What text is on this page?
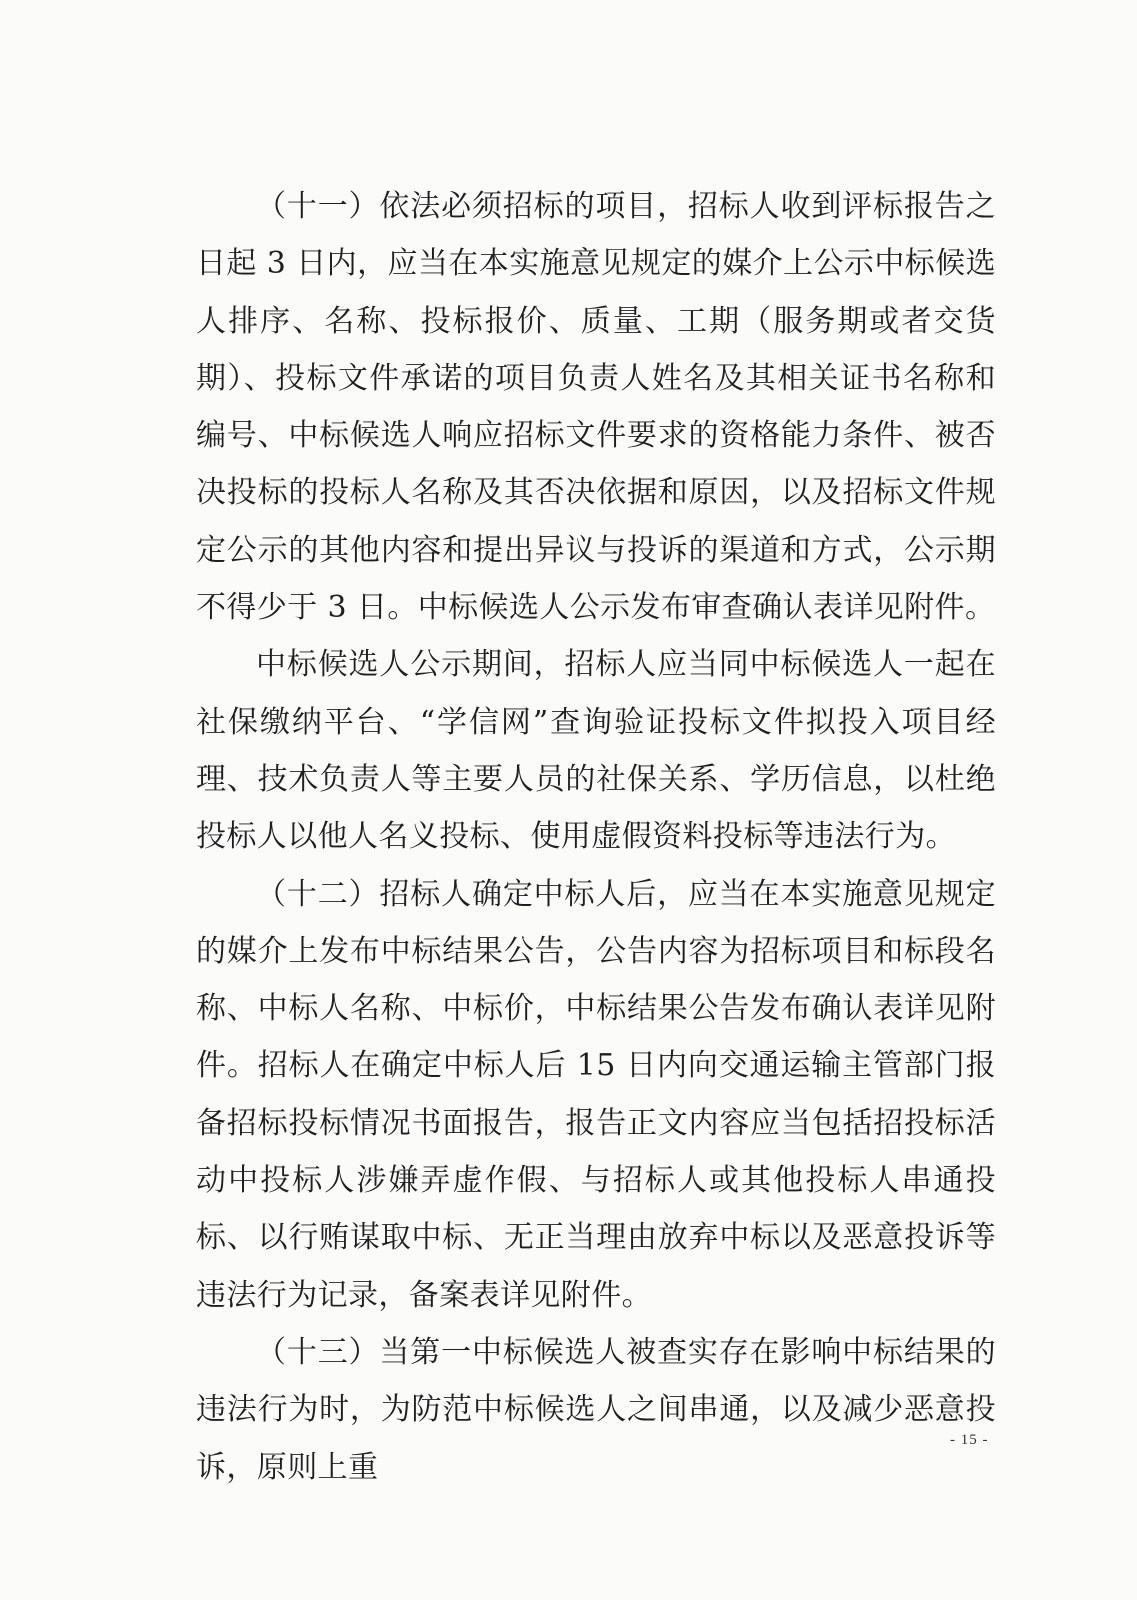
（十一）依法必须招标的项目，招标人收到评标报告之日起 3 日内，应当在本实施意见规定的媒介上公示中标候选人排序、名称、投标报价、质量、工期（服务期或者交货期）、投标文件承诺的项目负责人姓名及其相关证书名称和编号、中标候选人响应招标文件要求的资格能力条件、被否决投标的投标人名称及其否决依据和原因，以及招标文件规定公示的其他内容和提出异议与投诉的渠道和方式，公示期不得少于 3 日。中标候选人公示发布审查确认表详见附件。

中标候选人公示期间，招标人应当同中标候选人一起在社保缴纳平台、“学信网”查询验证投标文件拟投入项目经理、技术负责人等主要人员的社保关系、学历信息，以杜绝投标人以他人名义投标、使用虚假资料投标等违法行为。

（十二）招标人确定中标人后，应当在本实施意见规定的媒介上发布中标结果公告，公告内容为招标项目和标段名称、中标人名称、中标价，中标结果公告发布确认表详见附件。招标人在确定中标人后 15 日内向交通运输主管部门报备招标投标情况书面报告，报告正文内容应当包括招投标活动中投标人涉嫌弄虚作假、与招标人或其他投标人串通投标、以行贿谋取中标、无正当理由放弃中标以及恶意投诉等违法行为记录，备案表详见附件。

（十三）当第一中标候选人被查实存在影响中标结果的违法行为时，为防范中标候选人之间串通，以及减少恶意投诉，原则上重

- 15 -
